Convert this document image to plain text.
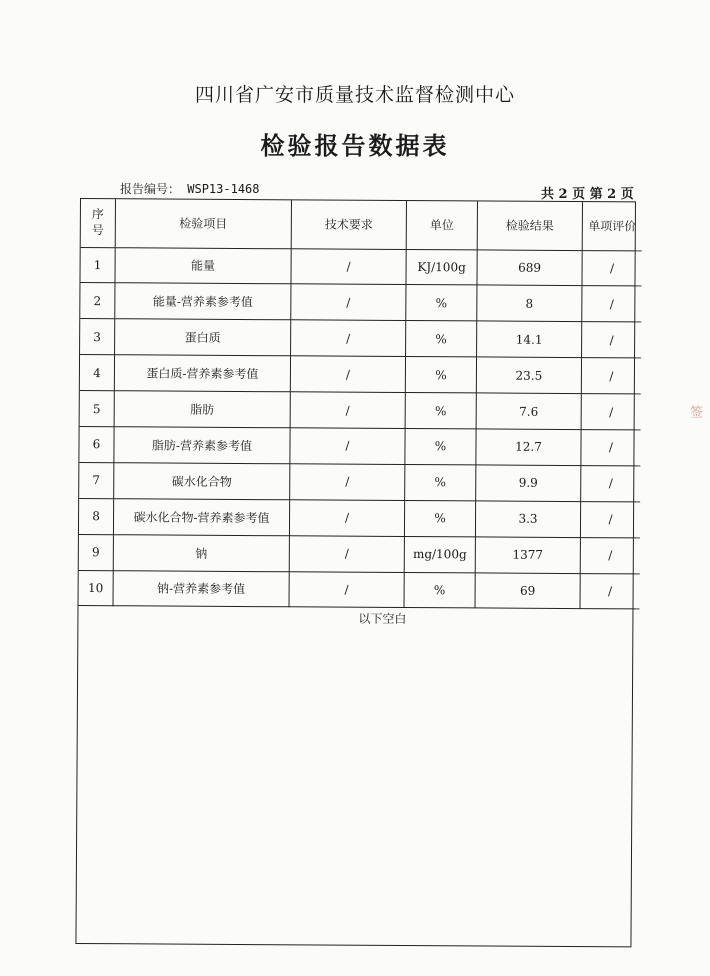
四川省广安市质量技术监督检测中心
检验报告数据表
报告编号： WSP13-1468	共 2 页 第 2 页
序号	检验项目	技术要求	单位	检验结果	单项评价
1	能量	/	KJ/100g	689	/
2	能量-营养素参考值	/	%	8	/
3	蛋白质	/	%	14.1	/
4	蛋白质-营养素参考值	/	%	23.5	/
5	脂肪	/	%	7.6	/
6	脂肪-营养素参考值	/	%	12.7	/
7	碳水化合物	/	%	9.9	/
8	碳水化合物-营养素参考值	/	%	3.3	/
9	钠	/	mg/100g	1377	/
10	钠-营养素参考值	/	%	69	/
以下空白
签
